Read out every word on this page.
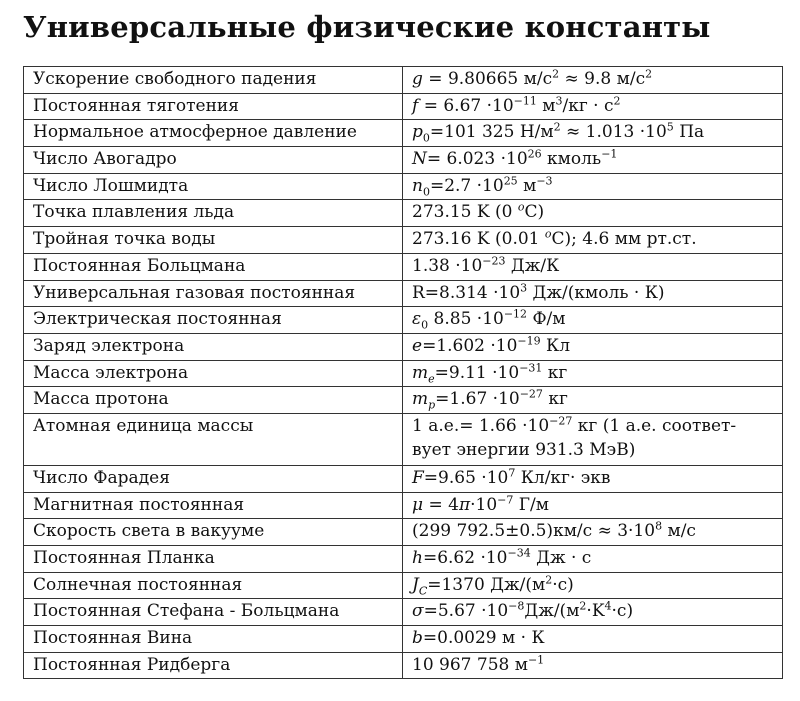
Универсальные физические константы
Ускорение свободного падения	g = 9.80665 $м/с^2 \approx 9.8$ $м/с^2$
Постоянная тяготения	$f = 6.67 \cdot 10^{-11}$ $м^3/кг \cdot с^2$
Нормальное атмосферное давление	$p_0=101$ 325 $Н/м^2 \approx 1.013 \cdot 10^5$ Па
Число Авогадро	$N= 6.023 \cdot 10^{26}$ кмоль$^{-1}$
Число Лошмидта	$n_0=2.7 \cdot 10^{25}$ $м^{-3}$
Точка плавления льда	273.15 K (0 $^o$C)
Тройная точка воды	273.16 K (0.01 $^o$C); 4.6 мм рт.ст.
Постоянная Больцмана	$1.38 \cdot 10^{-23}$ Дж/К
Универсальная газовая постоянная	$R=8.314 \cdot 10^3$ Дж/(кмоль · К)
Электрическая постоянная	$\varepsilon_0$ $8.85 \cdot 10^{-12}$ Ф/м
Заряд электрона	$e=1.602 \cdot 10^{-19}$ Кл
Масса электрона	$m_e=9.11 \cdot 10^{-31}$ кг
Масса протона	$m_p=1.67 \cdot 10^{-27}$ кг
Атомная единица массы	1 $а.е.= 1.66 \cdot 10^{-27}$ кг (1 а.е. соответ-
вует энергии 931.3 МэВ)
Число Фарадея	$F=9.65 \cdot 10^7$ Кл/кг· экв
Магнитная постоянная	$\mu = 4\pi\cdot 10^{-7}$ Г/м
Скорость света в вакууме	(299 $792.5\pm 0.5)км/с \approx 3\cdot 10^8$ м/с
Постоянная Планка	$h=6.62 \cdot 10^{-34}$ Дж · с
Солнечная постоянная	$J_C=1370$ $Дж/(м^2\cdot с)$
Постоянная Стефана - Больцмана	$\sigma=5.67 \cdot 10^{-8}Дж/(м^2\cdot K^4\cdot с)$
Постоянная Вина	b=0.0029 м · К
Постоянная Ридберга	10 967 758 $м^{-1}$
